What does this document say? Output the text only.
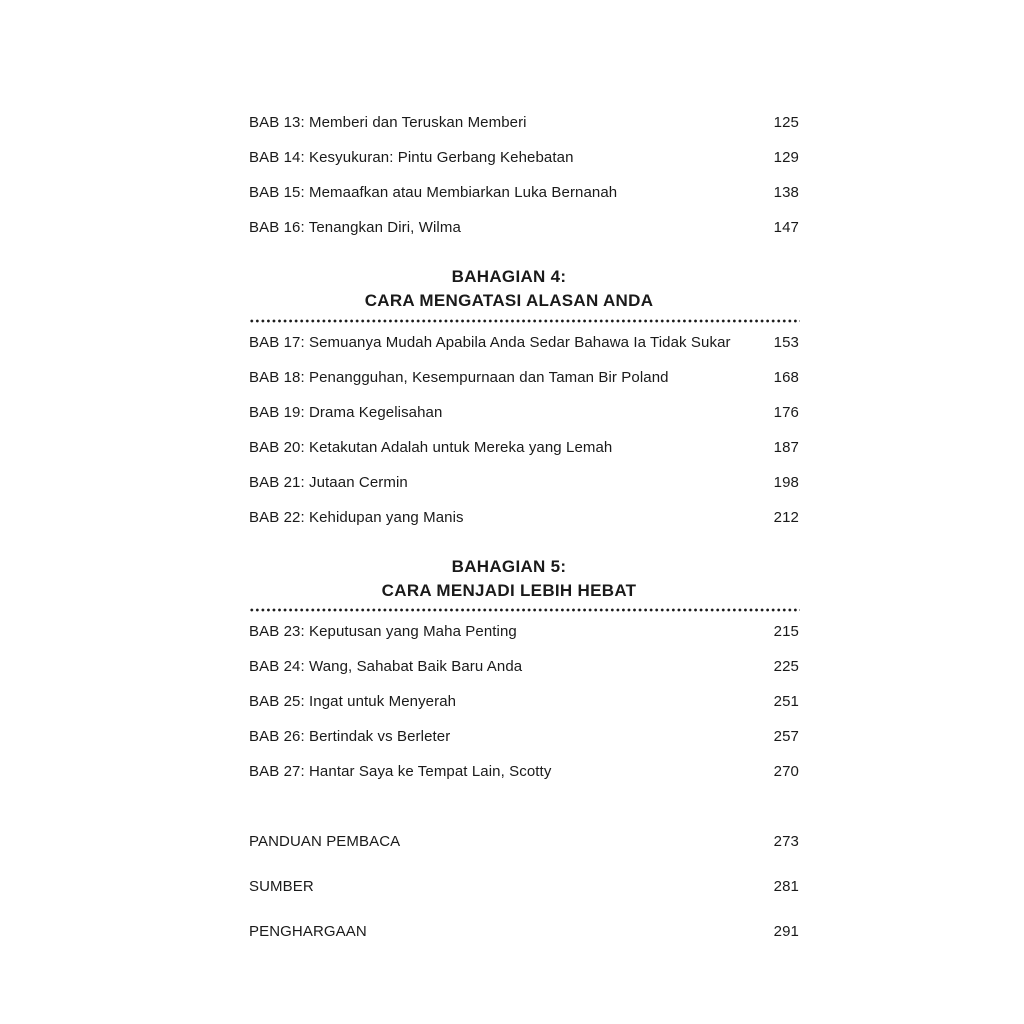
BAB 13: Memberi dan Teruskan Memberi	125
BAB 14: Kesyukuran: Pintu Gerbang Kehebatan	129
BAB 15: Memaafkan atau Membiarkan Luka Bernanah	138
BAB 16: Tenangkan Diri, Wilma	147
BAHAGIAN 4:
CARA MENGATASI ALASAN ANDA
BAB 17: Semuanya Mudah Apabila Anda Sedar Bahawa Ia Tidak Sukar	153
BAB 18: Penangguhan, Kesempurnaan dan Taman Bir Poland	168
BAB 19: Drama Kegelisahan	176
BAB 20: Ketakutan Adalah untuk Mereka yang Lemah	187
BAB 21: Jutaan Cermin	198
BAB 22: Kehidupan yang Manis	212
BAHAGIAN 5:
CARA MENJADI LEBIH HEBAT
BAB 23: Keputusan yang Maha Penting	215
BAB 24: Wang, Sahabat Baik Baru Anda	225
BAB 25: Ingat untuk Menyerah	251
BAB 26: Bertindak vs Berleter	257
BAB 27: Hantar Saya ke Tempat Lain, Scotty	270
PANDUAN PEMBACA	273
SUMBER	281
PENGHARGAAN	291
